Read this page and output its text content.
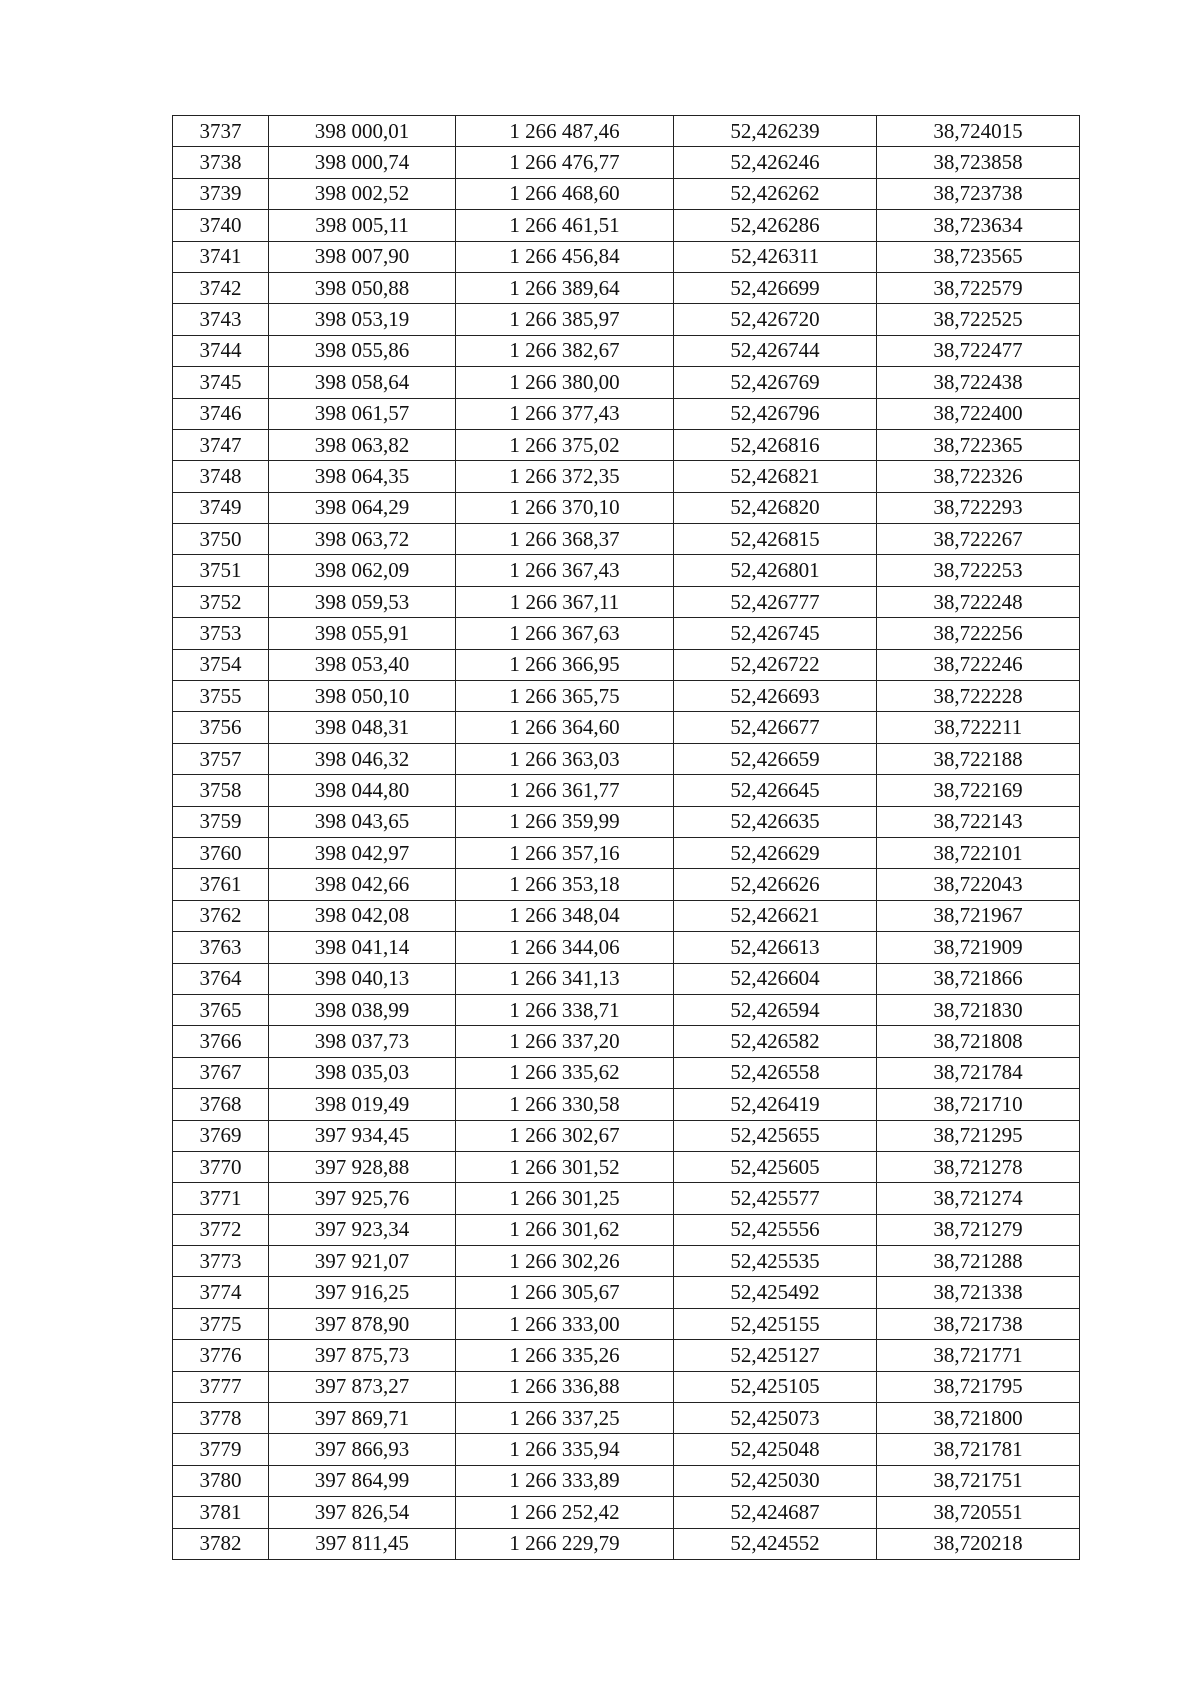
3737	398 000,01	1 266 487,46	52,426239	38,724015
3738	398 000,74	1 266 476,77	52,426246	38,723858
3739	398 002,52	1 266 468,60	52,426262	38,723738
3740	398 005,11	1 266 461,51	52,426286	38,723634
3741	398 007,90	1 266 456,84	52,426311	38,723565
3742	398 050,88	1 266 389,64	52,426699	38,722579
3743	398 053,19	1 266 385,97	52,426720	38,722525
3744	398 055,86	1 266 382,67	52,426744	38,722477
3745	398 058,64	1 266 380,00	52,426769	38,722438
3746	398 061,57	1 266 377,43	52,426796	38,722400
3747	398 063,82	1 266 375,02	52,426816	38,722365
3748	398 064,35	1 266 372,35	52,426821	38,722326
3749	398 064,29	1 266 370,10	52,426820	38,722293
3750	398 063,72	1 266 368,37	52,426815	38,722267
3751	398 062,09	1 266 367,43	52,426801	38,722253
3752	398 059,53	1 266 367,11	52,426777	38,722248
3753	398 055,91	1 266 367,63	52,426745	38,722256
3754	398 053,40	1 266 366,95	52,426722	38,722246
3755	398 050,10	1 266 365,75	52,426693	38,722228
3756	398 048,31	1 266 364,60	52,426677	38,722211
3757	398 046,32	1 266 363,03	52,426659	38,722188
3758	398 044,80	1 266 361,77	52,426645	38,722169
3759	398 043,65	1 266 359,99	52,426635	38,722143
3760	398 042,97	1 266 357,16	52,426629	38,722101
3761	398 042,66	1 266 353,18	52,426626	38,722043
3762	398 042,08	1 266 348,04	52,426621	38,721967
3763	398 041,14	1 266 344,06	52,426613	38,721909
3764	398 040,13	1 266 341,13	52,426604	38,721866
3765	398 038,99	1 266 338,71	52,426594	38,721830
3766	398 037,73	1 266 337,20	52,426582	38,721808
3767	398 035,03	1 266 335,62	52,426558	38,721784
3768	398 019,49	1 266 330,58	52,426419	38,721710
3769	397 934,45	1 266 302,67	52,425655	38,721295
3770	397 928,88	1 266 301,52	52,425605	38,721278
3771	397 925,76	1 266 301,25	52,425577	38,721274
3772	397 923,34	1 266 301,62	52,425556	38,721279
3773	397 921,07	1 266 302,26	52,425535	38,721288
3774	397 916,25	1 266 305,67	52,425492	38,721338
3775	397 878,90	1 266 333,00	52,425155	38,721738
3776	397 875,73	1 266 335,26	52,425127	38,721771
3777	397 873,27	1 266 336,88	52,425105	38,721795
3778	397 869,71	1 266 337,25	52,425073	38,721800
3779	397 866,93	1 266 335,94	52,425048	38,721781
3780	397 864,99	1 266 333,89	52,425030	38,721751
3781	397 826,54	1 266 252,42	52,424687	38,720551
3782	397 811,45	1 266 229,79	52,424552	38,720218
